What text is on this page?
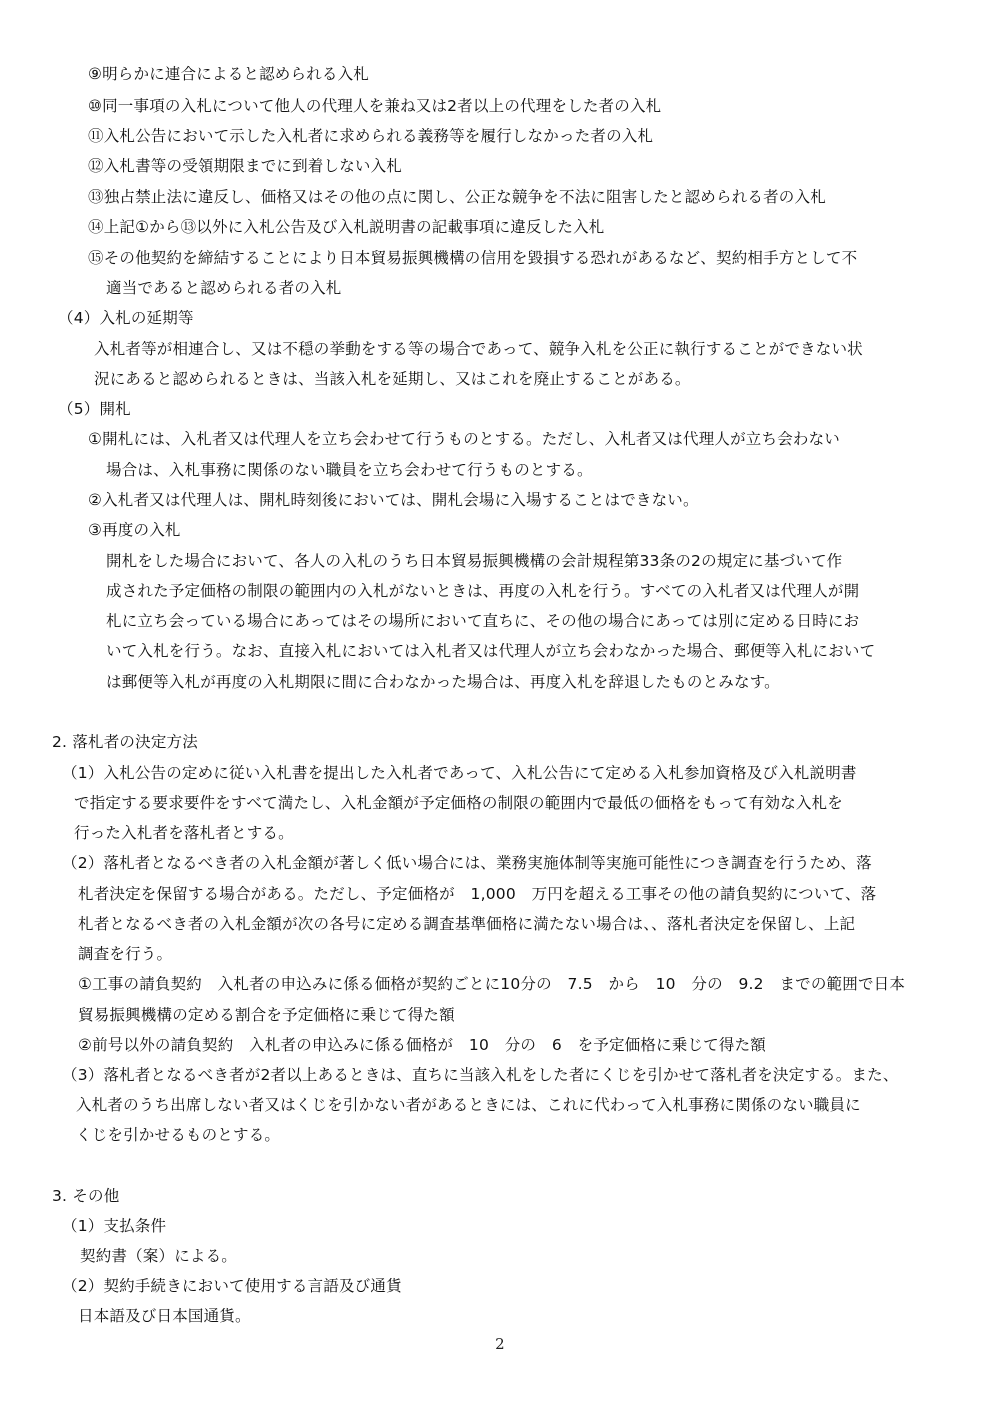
⑨明らかに連合によると認められる入札
⑩同一事項の入札について他人の代理人を兼ね又は2者以上の代理をした者の入札
⑪入札公告において示した入札者に求められる義務等を履行しなかった者の入札
⑫入札書等の受領期限までに到着しない入札
⑬独占禁止法に違反し、価格又はその他の点に関し、公正な競争を不法に阻害したと認められる者の入札
⑭上記①から⑬以外に入札公告及び入札説明書の記載事項に違反した入札
⑮その他契約を締結することにより日本貿易振興機構の信用を毀損する恐れがあるなど、契約相手方として不
適当であると認められる者の入札
（4）入札の延期等
入札者等が相連合し、又は不穏の挙動をする等の場合であって、競争入札を公正に執行することができない状
況にあると認められるときは、当該入札を延期し、又はこれを廃止することがある。
（5）開札
①開札には、入札者又は代理人を立ち会わせて行うものとする。ただし、入札者又は代理人が立ち会わない
場合は、入札事務に関係のない職員を立ち会わせて行うものとする。
②入札者又は代理人は、開札時刻後においては、開札会場に入場することはできない。
③再度の入札
開札をした場合において、各人の入札のうち日本貿易振興機構の会計規程第33条の2の規定に基づいて作
成された予定価格の制限の範囲内の入札がないときは、再度の入札を行う。すべての入札者又は代理人が開
札に立ち会っている場合にあってはその場所において直ちに、その他の場合にあっては別に定める日時にお
いて入札を行う。なお、直接入札においては入札者又は代理人が立ち会わなかった場合、郵便等入札において
は郵便等入札が再度の入札期限に間に合わなかった場合は、再度入札を辞退したものとみなす。
2. 落札者の決定方法
（1）入札公告の定めに従い入札書を提出した入札者であって、入札公告にて定める入札参加資格及び入札説明書
で指定する要求要件をすべて満たし、入札金額が予定価格の制限の範囲内で最低の価格をもって有効な入札を
行った入札者を落札者とする。
（2）落札者となるべき者の入札金額が著しく低い場合には、業務実施体制等実施可能性につき調査を行うため、落
札者決定を保留する場合がある。ただし、予定価格が　1,000　万円を超える工事その他の請負契約について、落
札者となるべき者の入札金額が次の各号に定める調査基準価格に満たない場合は、、落札者決定を保留し、上記
調査を行う。
①工事の請負契約　入札者の申込みに係る価格が契約ごとに10分の　7.5　から　10　分の　9.2　までの範囲で日本
貿易振興機構の定める割合を予定価格に乗じて得た額
②前号以外の請負契約　入札者の申込みに係る価格が　10　分の　6　を予定価格に乗じて得た額
（3）落札者となるべき者が2者以上あるときは、直ちに当該入札をした者にくじを引かせて落札者を決定する。また、
入札者のうち出席しない者又はくじを引かない者があるときには、これに代わって入札事務に関係のない職員に
くじを引かせるものとする。
3. その他
（1）支払条件
契約書（案）による。
（2）契約手続きにおいて使用する言語及び通貨
日本語及び日本国通貨。
2
